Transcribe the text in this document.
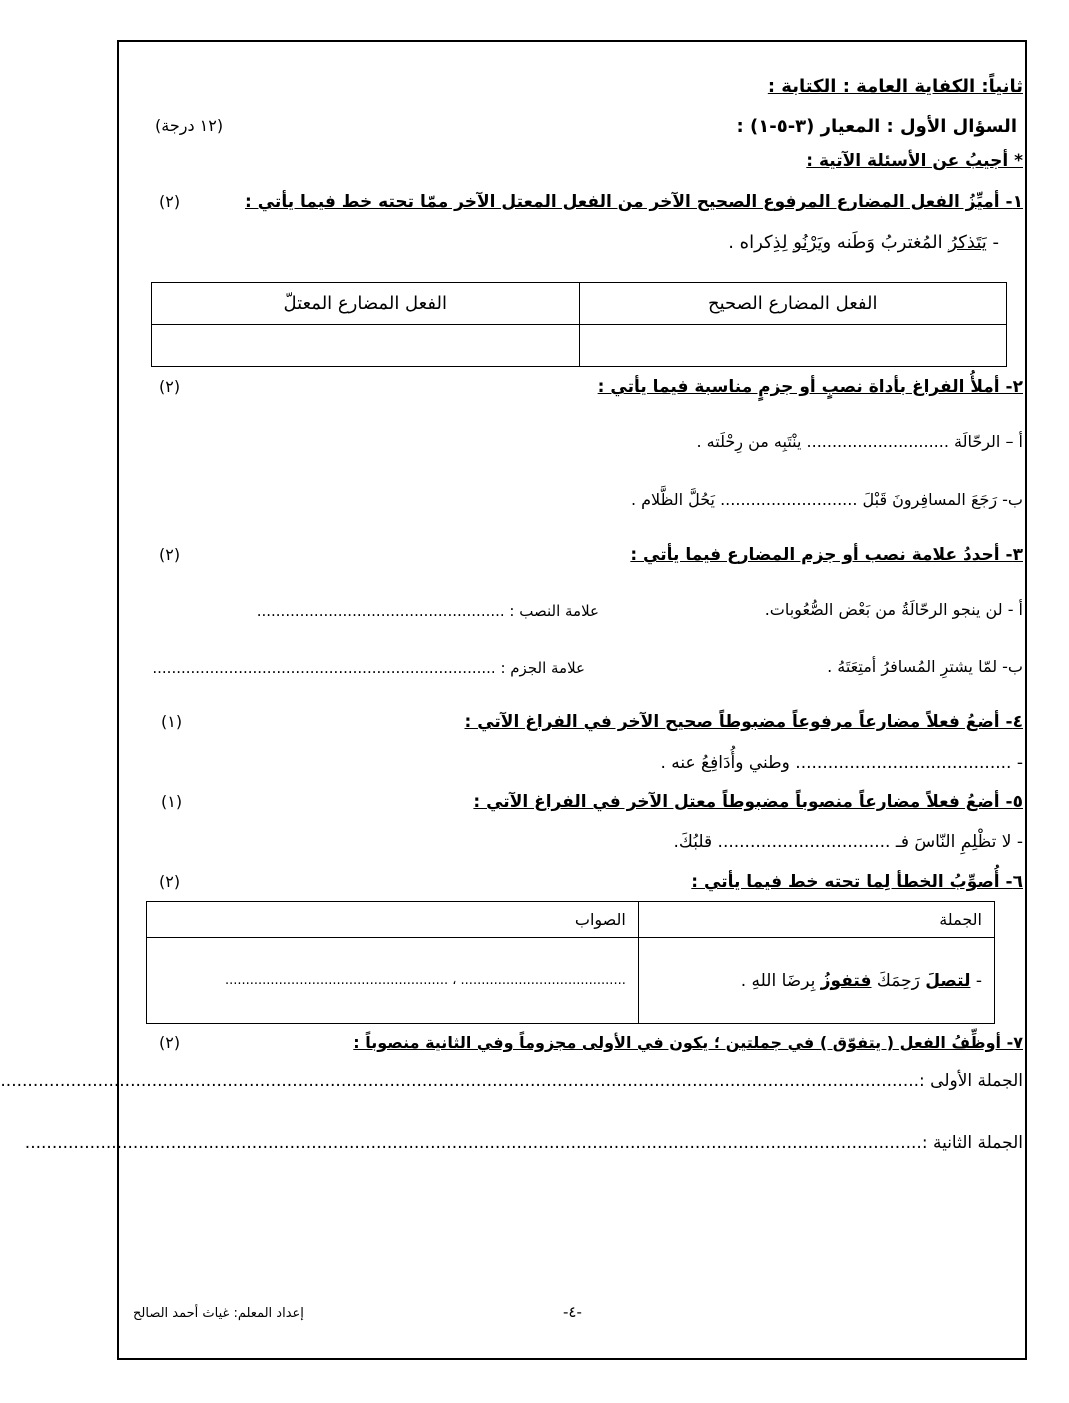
ثانياً: الكفاية العامة : الكتابة :
السؤال الأول : المعيار (٣-٥-١) :
(١٢ درجة)
* أجيبُ عن الأسئلة الآتية :
١- أميِّزُ الفعل المضارع المرفوع الصحيح الآخر من الفعل المعتل الآخر ممّا تحته خط فيما يأتي :
(٢)
- يَتَذكرُ المُغتربُ وَطَنه ويَرْنُو لِذِكراه .
الفعل المضارع الصحيح	الفعل المضارع المعتلّ

٢- أملأُ الفراغ بأداة نصبٍ أو جزمٍ مناسبة فيما يأتي :
(٢)
أ – الرحّالَة ............................ ينْتَبِه من رِحْلَته .
ب- رَجَعَ المسافِرونَ قَبْلَ ........................... يَحُلَّ الظَّلام .
٣- أحددُ علامة نصب أو جزم المضارع فيما يأتي :
(٢)
أ - لن ينجو الرحّالَةُ من بَعْض الصُّعُوبات.
علامة النصب : ....................................................
ب- لمّا يشترِ المُسافرُ أمتِعَتَهُ .
علامة الجزم : ........................................................................
٤- أضعُ فعلاً مضارعاً مرفوعاً مضبوطاً صحيح الآخر في الفراغ الآتي :
(١)
- ........................................ وطني وأُدَافِعُ عنه .
٥- أضعُ فعلاً مضارعاً منصوباً مضبوطاً معتل الآخر في الفراغ الآتي :
(١)
- لا تظْلِمِ النّاسَ فـ ................................ قلبُكَ.
٦- أُصوِّبُ الخطأ لِما تحته خط فيما يأتي :
(٢)
الجملة	الصواب
- لتصلَ رَحِمَكَ فتفوزُ بِرضَا اللهِ .	........................................ ، ......................................................
٧- أوظِّفُ الفعل ( يتفوّق ) في جملتين ؛ يكون في الأولى مجزوماً وفي الثانية منصوباً :
(٢)
الجملة الأولى :..........................................................................................................................................................................
الجملة الثانية :......................................................................................................................................................................
-٤-
إعداد المعلم: غياث أحمد الصالح
